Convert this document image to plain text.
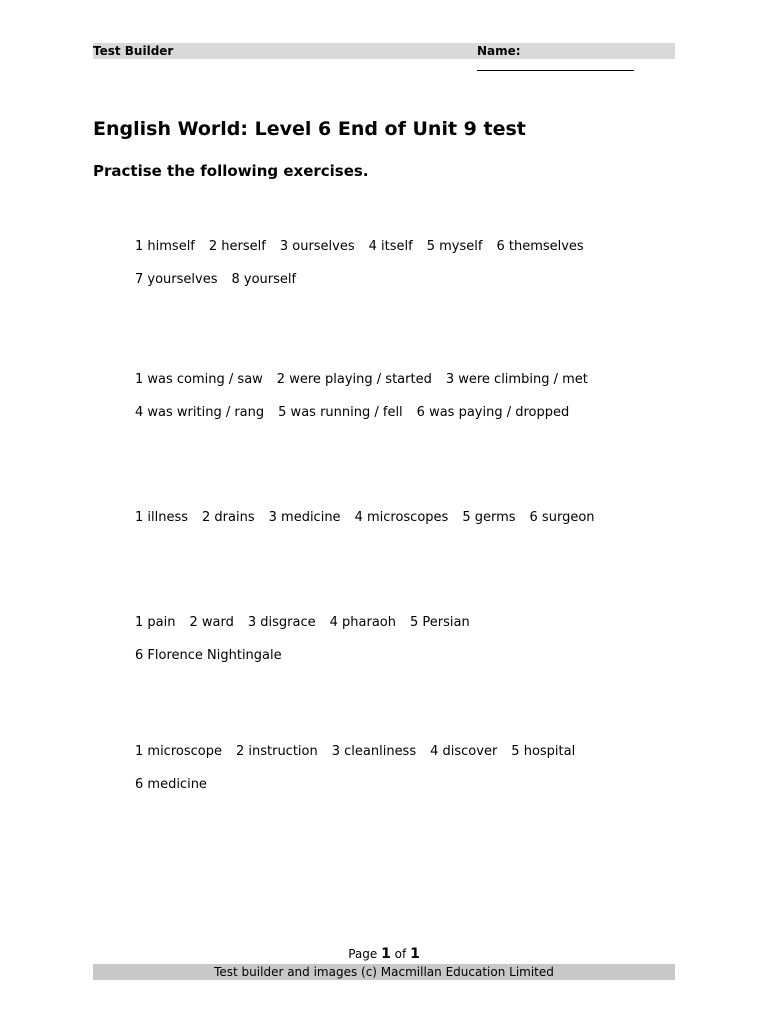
Test Builder	Name:
English World: Level 6 End of Unit 9 test
Practise the following exercises.
1 himself 2 herself 3 ourselves 4 itself 5 myself 6 themselves
7 yourselves 8 yourself
1 was coming / saw 2 were playing / started 3 were climbing / met
4 was writing / rang 5 was running / fell 6 was paying / dropped
1 illness 2 drains 3 medicine 4 microscopes 5 germs 6 surgeon
1 pain 2 ward 3 disgrace 4 pharaoh 5 Persian
6 Florence Nightingale
1 microscope 2 instruction 3 cleanliness 4 discover 5 hospital
6 medicine
Page 1 of 1
Test builder and images (c) Macmillan Education Limited
